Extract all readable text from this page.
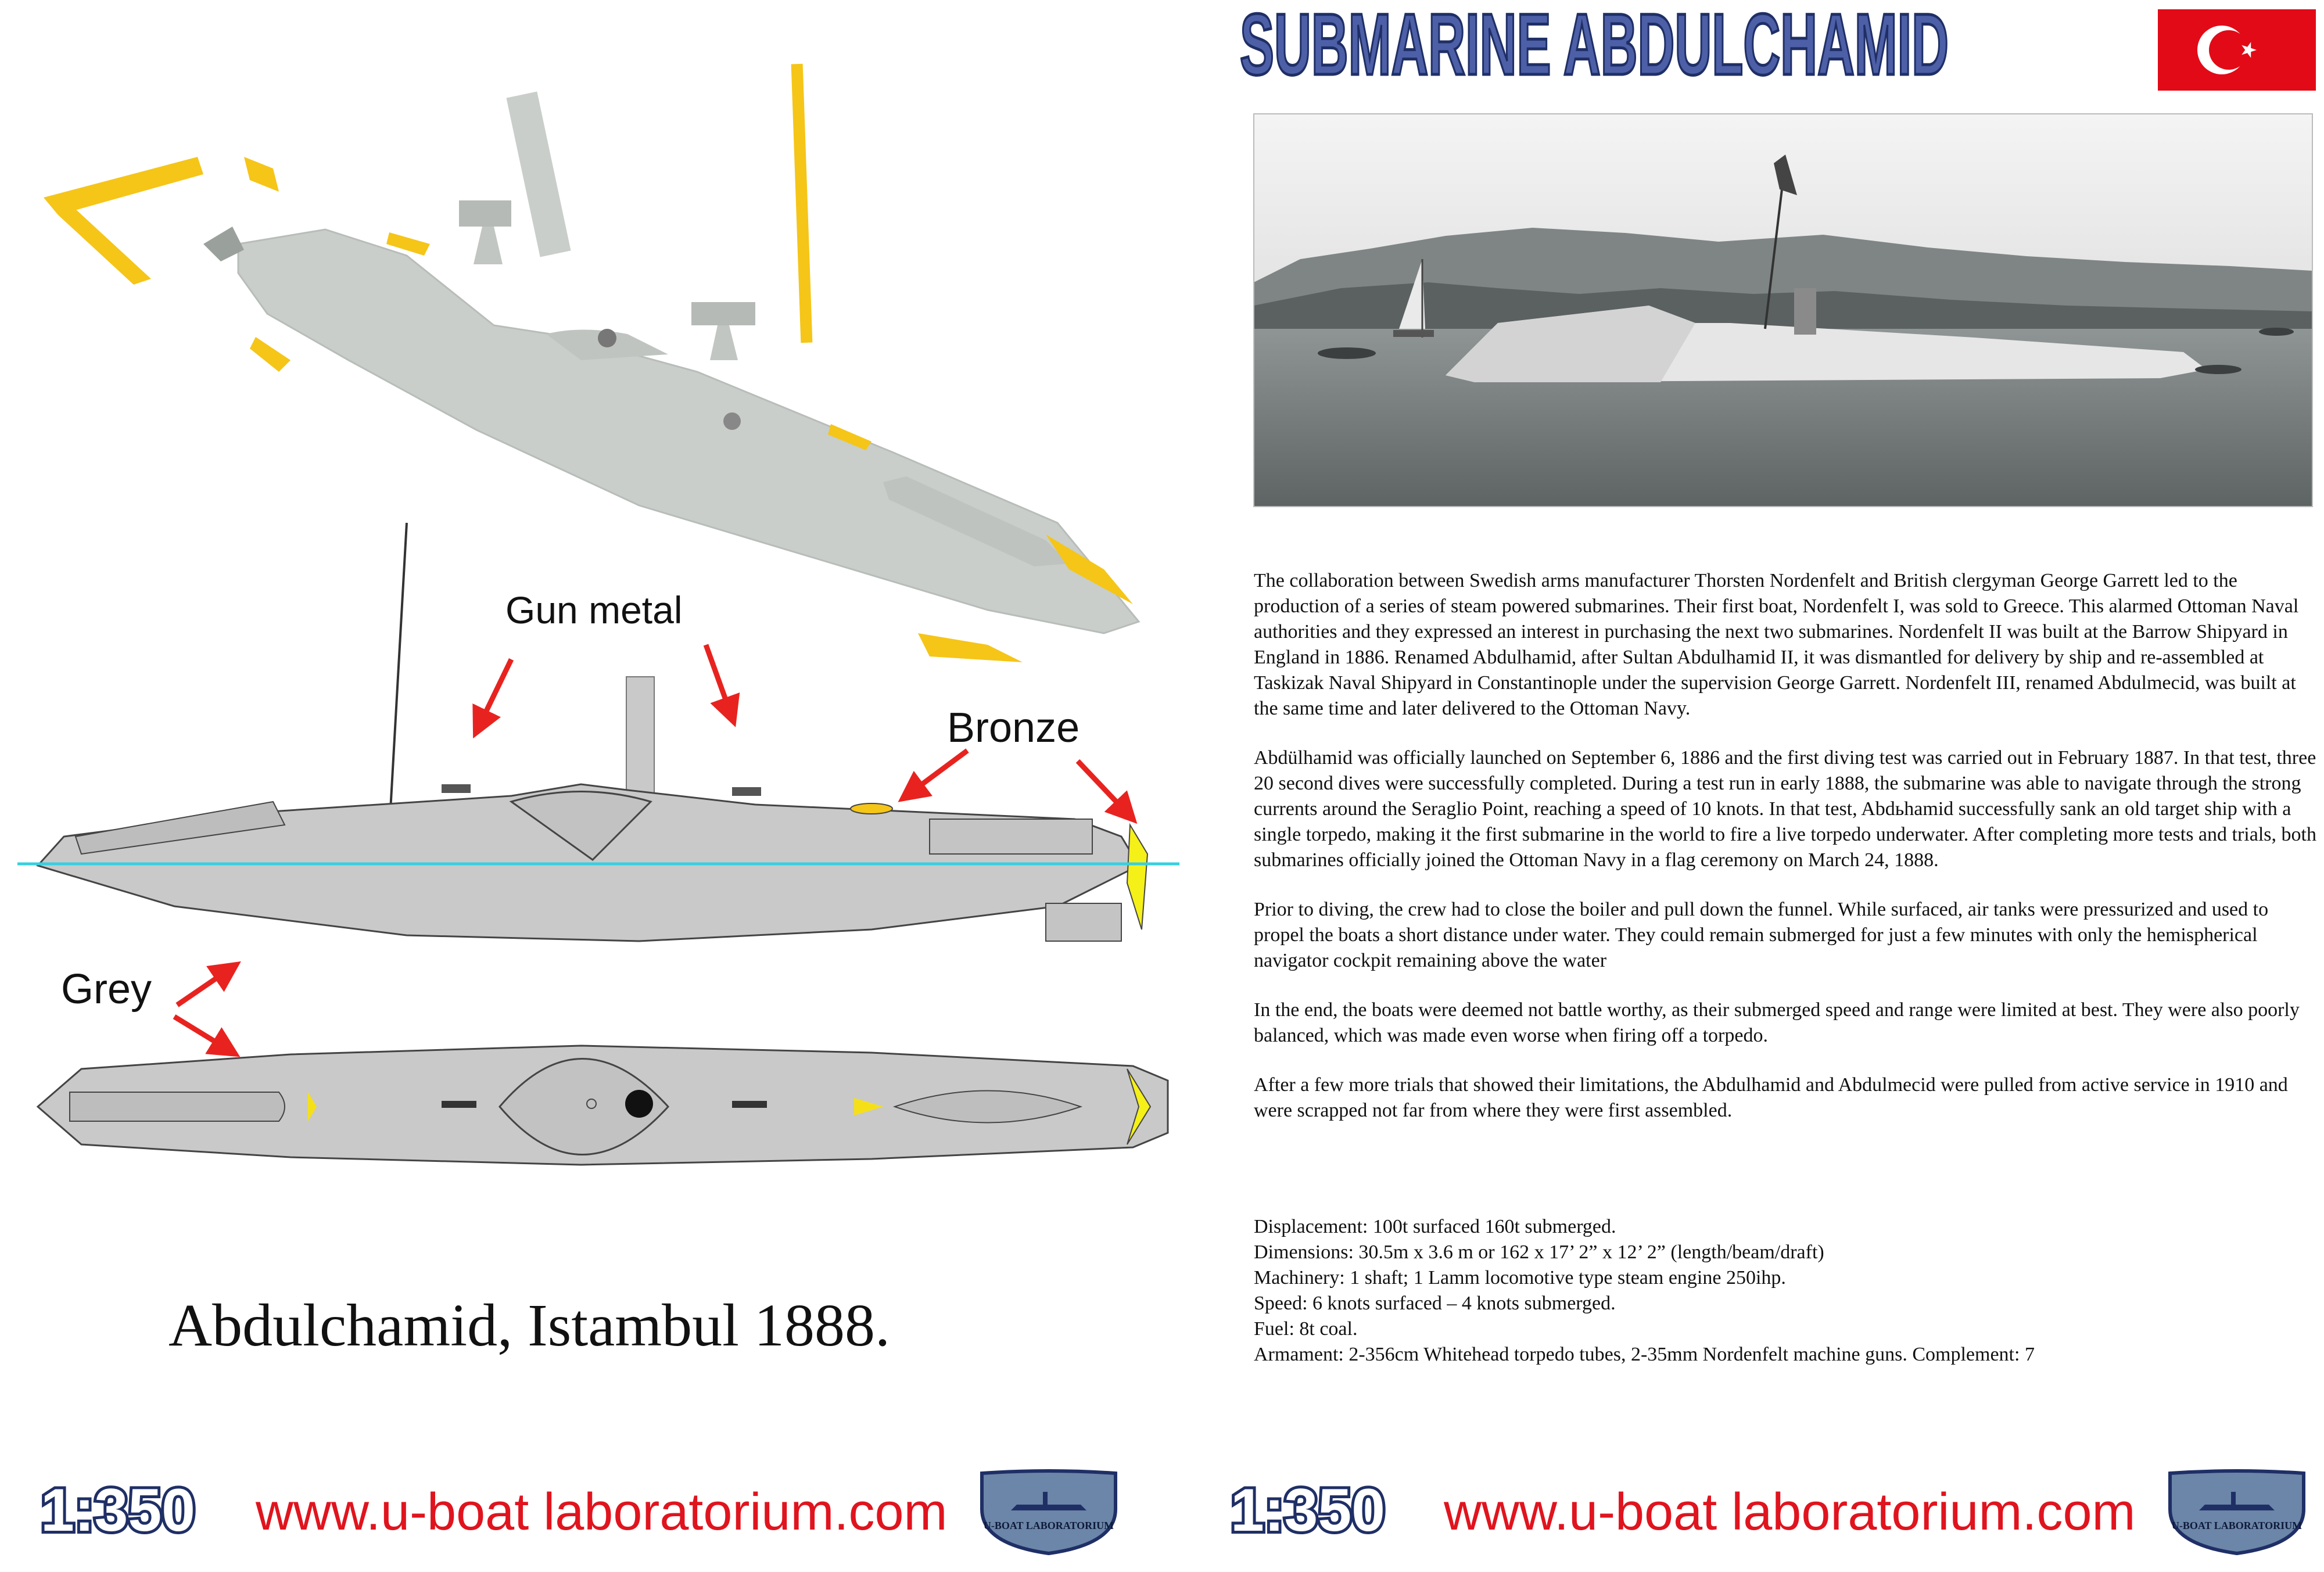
SUBMARINE ABDULCHAMID
Gun metal
Bronze
Grey

The collaboration between Swedish arms manufacturer Thorsten Nordenfelt and British clergyman George Garrett led to the production of a series of steam powered submarines. Their first boat, Nordenfelt I, was sold to Greece. This alarmed Ottoman Naval authorities and they expressed an interest in purchasing the next two submarines. Nordenfelt II was built at the Barrow Shipyard in England in 1886. Renamed Abdulhamid, after Sultan Abdulhamid II, it was dismantled for delivery by ship and re-assembled at Taskizak Naval Shipyard in Constantinople under the supervision George Garrett. Nordenfelt III, renamed Abdulmecid, was built at the same time and later delivered to the Ottoman Navy.

Abdülhamid was officially launched on September 6, 1886 and the first diving test was carried out in February 1887. In that test, three 20 second dives were successfully completed. During a test run in early 1888, the submarine was able to navigate through the strong currents around the Seraglio Point, reaching a speed of 10 knots. In that test, Abdьhamid successfully sank an old target ship with a single torpedo, making it the first submarine in the world to fire a live torpedo underwater. After completing more tests and trials, both submarines officially joined the Ottoman Navy in a flag ceremony on March 24, 1888.

Prior to diving, the crew had to close the boiler and pull down the funnel. While surfaced, air tanks were pressurized and used to propel the boats a short distance under water. They could remain submerged for just a few minutes with only the hemispherical navigator cockpit remaining above the water

In the end, the boats were deemed not battle worthy, as their submerged speed and range were limited at best. They were also poorly balanced, which was made even worse when firing off a torpedo.

After a few more trials that showed their limitations, the Abdulhamid and Abdulmecid were pulled from active service in 1910 and were scrapped not far from where they were first assembled.

Displacement: 100t surfaced 160t submerged.
Dimensions: 30.5m x 3.6 m or 162 x 17’ 2” x 12’ 2” (length/beam/draft)
Machinery: 1 shaft; 1 Lamm locomotive type steam engine 250ihp.
Speed: 6 knots surfaced – 4 knots submerged.
Fuel: 8t coal.
Armament: 2-356cm Whitehead torpedo tubes, 2-35mm Nordenfelt machine guns. Complement: 7
Abdulchamid, Istambul 1888.
1:350 www.u-boat laboratorium.com	U-BOAT LABORATORIUM 1:350 www.u-boat laboratorium.com	U-BOAT LABORATORIUM
